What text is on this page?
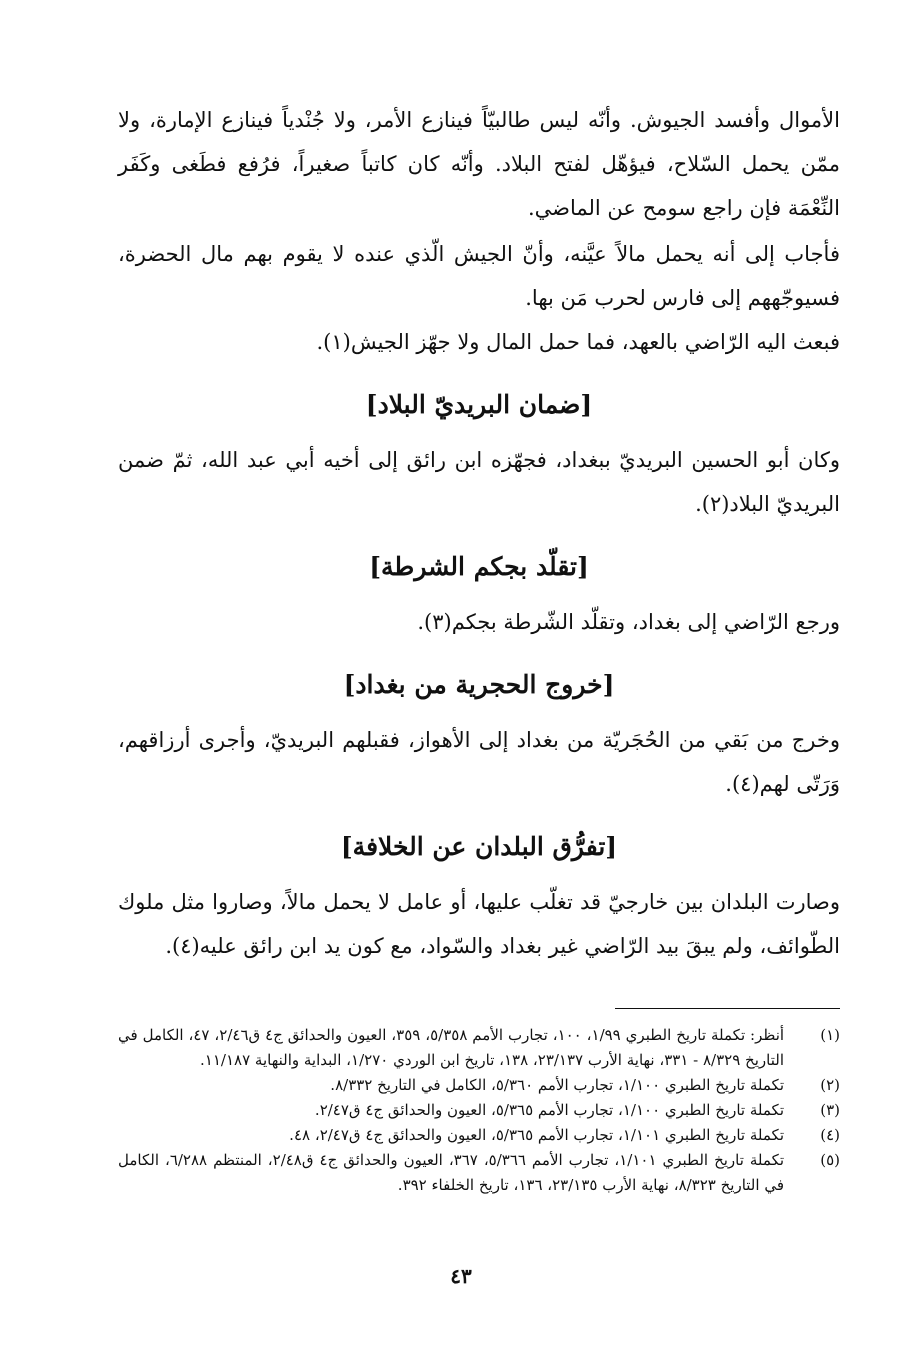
الأموال وأفسد الجيوش. وأنّه ليس طالبيّاً فينازع الأمر، ولا جُنْدياً فينازع الإمارة، ولا ممّن يحمل السّلاح، فيؤهّل لفتح البلاد. وأنّه كان كاتباً صغيراً، فرُفع فطَغى وكَفَر النِّعْمَة فإن راجع سومح عن الماضي.

فأجاب إلى أنه يحمل مالاً عيَّنه، وأنّ الجيش الّذي عنده لا يقوم بهم مال الحضرة، فسيوجّههم إلى فارس لحرب مَن بها.

فبعث اليه الرّاضي بالعهد، فما حمل المال ولا جهّز الجيش(١).

[ضمان البريديّ البلاد]

وكان أبو الحسين البريديّ ببغداد، فجهّزه ابن رائق إلى أخيه أبي عبد الله، ثمّ ضمن البريديّ البلاد(٢).

[تقلّد بجكم الشرطة]

ورجع الرّاضي إلى بغداد، وتقلّد الشّرطة بجكم(٣).

[خروج الحجرية من بغداد]

وخرج من بَقي من الحُجَريّة من بغداد إلى الأهواز، فقبلهم البريديّ، وأجرى أرزاقهم، وَرَتّى لهم(٤).

[تفرُّق البلدان عن الخلافة]

وصارت البلدان بين خارجيّ قد تغلّب عليها، أو عامل لا يحمل مالاً، وصاروا مثل ملوك الطّوائف، ولم يبقَ بيد الرّاضي غير بغداد والسّواد، مع كون يد ابن رائق عليه(٤).

(١)
أنظر: تكملة تاريخ الطبري ١/٩٩، ١٠٠، تجارب الأمم ٥/٣٥٨، ٣٥٩، العيون والحدائق ج٤ ق٢/٤٦، ٤٧، الكامل في التاريخ ٨/٣٢٩ - ٣٣١، نهاية الأرب ٢٣/١٣٧، ١٣٨، تاريخ ابن الوردي ١/٢٧٠، البداية والنهاية ١١/١٨٧.
(٢)
تكملة تاريخ الطبري ١/١٠٠، تجارب الأمم ٥/٣٦٠، الكامل في التاريخ ٨/٣٣٢.
(٣)
تكملة تاريخ الطبري ١/١٠٠، تجارب الأمم ٥/٣٦٥، العيون والحدائق ج٤ ق٢/٤٧.
(٤)
تكملة تاريخ الطبري ١/١٠١، تجارب الأمم ٥/٣٦٥، العيون والحدائق ج٤ ق٢/٤٧، ٤٨.
(٥)
تكملة تاريخ الطبري ١/١٠١، تجارب الأمم ٥/٣٦٦، ٣٦٧، العيون والحدائق ج٤ ق٢/٤٨، المنتظم ٦/٢٨٨، الكامل في التاريخ ٨/٣٢٣، نهاية الأرب ٢٣/١٣٥، ١٣٦، تاريخ الخلفاء ٣٩٢.
٤٣
